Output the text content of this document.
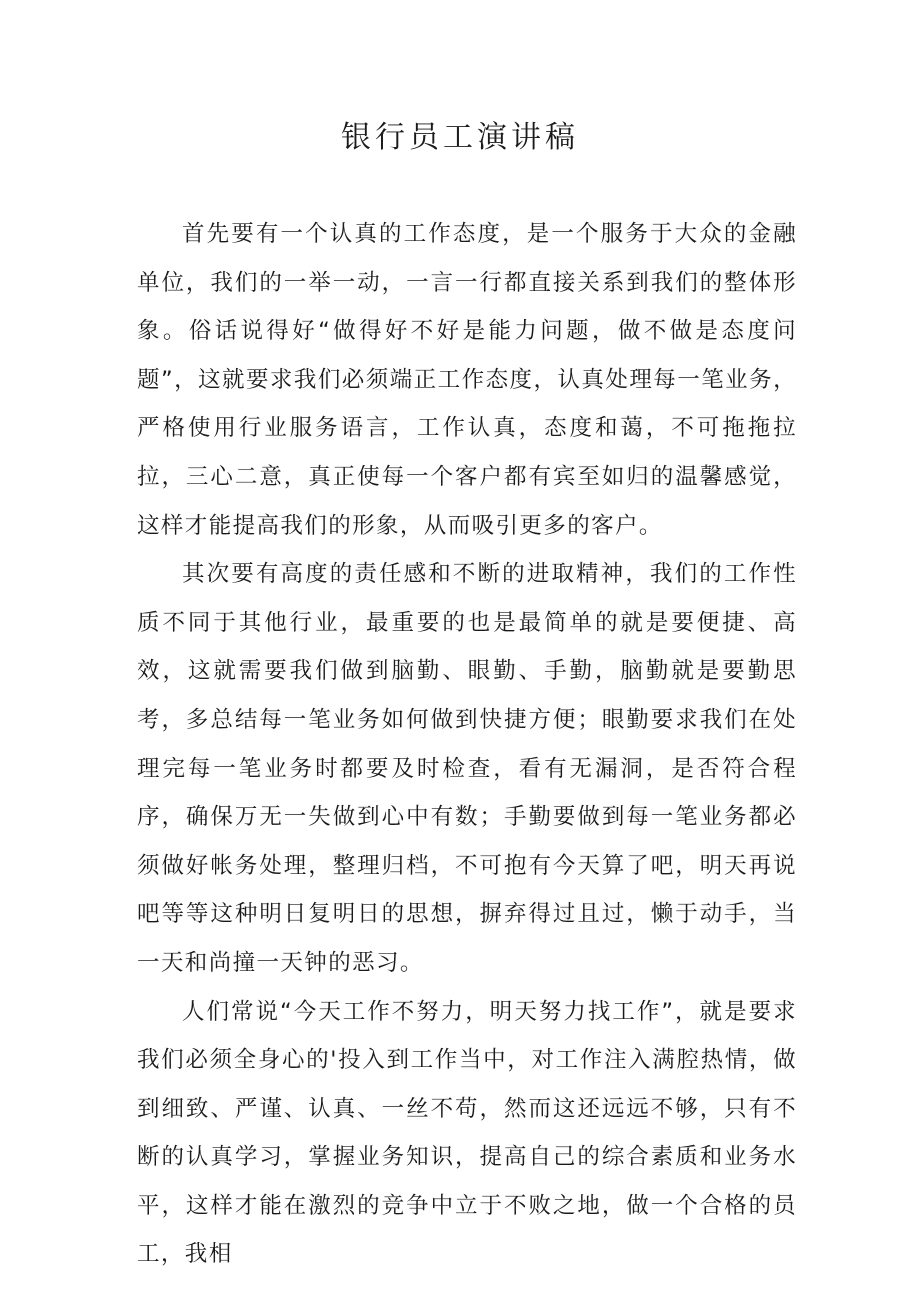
银行员工演讲稿

首先要有一个认真的工作态度，是一个服务于大众的金融单位，我们的一举一动，一言一行都直接关系到我们的整体形象。俗话说得好“做得好不好是能力问题，做不做是态度问题”，这就要求我们必须端正工作态度，认真处理每一笔业务，严格使用行业服务语言，工作认真，态度和蔼，不可拖拖拉拉，三心二意，真正使每一个客户都有宾至如归的温馨感觉，这样才能提高我们的形象，从而吸引更多的客户。

其次要有高度的责任感和不断的进取精神，我们的工作性质不同于其他行业，最重要的也是最简单的就是要便捷、高效，这就需要我们做到脑勤、眼勤、手勤，脑勤就是要勤思考，多总结每一笔业务如何做到快捷方便；眼勤要求我们在处理完每一笔业务时都要及时检查，看有无漏洞，是否符合程序，确保万无一失做到心中有数；手勤要做到每一笔业务都必须做好帐务处理，整理归档，不可抱有今天算了吧，明天再说吧等等这种明日复明日的思想，摒弃得过且过，懒于动手，当一天和尚撞一天钟的恶习。

人们常说“今天工作不努力，明天努力找工作”，就是要求我们必须全身心的'投入到工作当中，对工作注入满腔热情，做到细致、严谨、认真、一丝不苟，然而这还远远不够，只有不断的认真学习，掌握业务知识，提高自己的综合素质和业务水平，这样才能在激烈的竞争中立于不败之地，做一个合格的员工，我相
